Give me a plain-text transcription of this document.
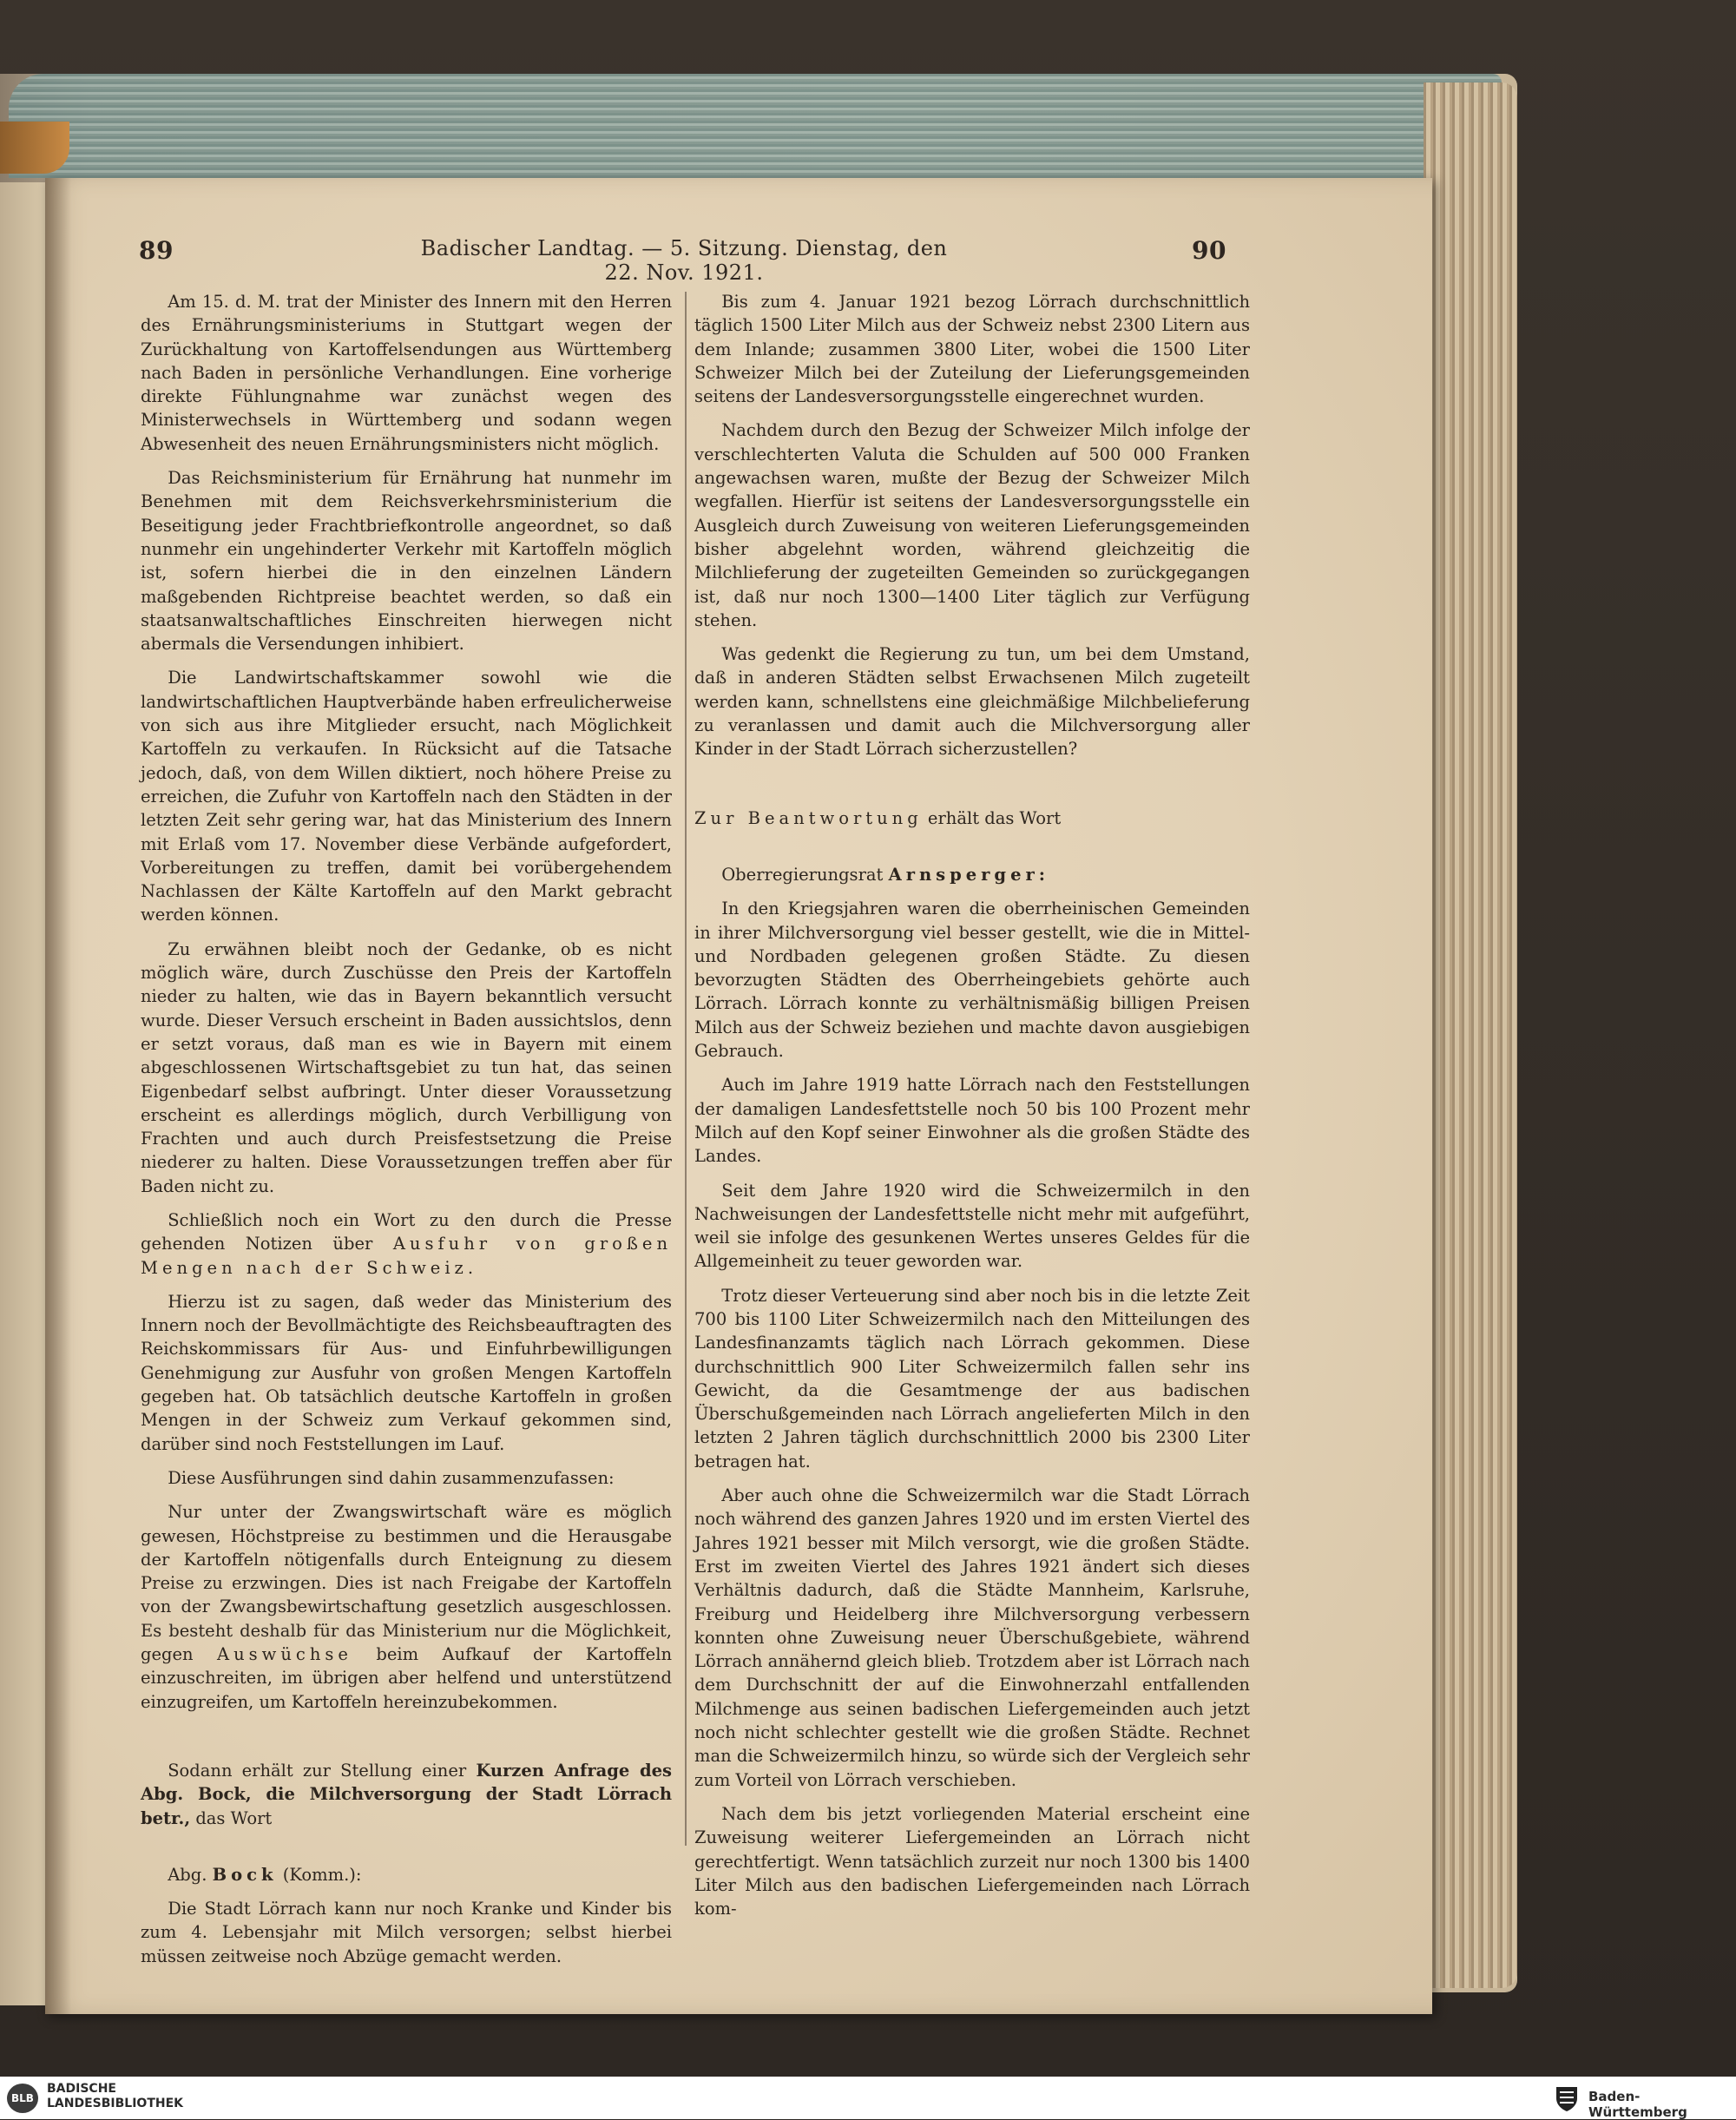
89	Badischer Landtag. — 5. Sitzung. Dienstag, den 22. Nov. 1921.
90

Am 15. d. M. trat der Minister des Innern mit den Herren des Ernährungsministeriums in Stuttgart wegen der Zurückhaltung von Kartoffelsendungen aus Württemberg nach Baden in persönliche Verhandlungen. Eine vorherige direkte Fühlungnahme war zunächst wegen des Ministerwechsels in Württemberg und sodann wegen Abwesenheit des neuen Ernährungsministers nicht möglich.

Das Reichsministerium für Ernährung hat nunmehr im Benehmen mit dem Reichsverkehrsministerium die Beseitigung jeder Frachtbriefkontrolle angeordnet, so daß nunmehr ein ungehinderter Verkehr mit Kartoffeln möglich ist, sofern hierbei die in den einzelnen Ländern maßgebenden Richtpreise beachtet werden, so daß ein staatsanwaltschaftliches Einschreiten hierwegen nicht abermals die Versendungen inhibiert.

Die Landwirtschaftskammer sowohl wie die landwirtschaftlichen Hauptverbände haben erfreulicherweise von sich aus ihre Mitglieder ersucht, nach Möglichkeit Kartoffeln zu verkaufen. In Rücksicht auf die Tatsache jedoch, daß, von dem Willen diktiert, noch höhere Preise zu erreichen, die Zufuhr von Kartoffeln nach den Städten in der letzten Zeit sehr gering war, hat das Ministerium des Innern mit Erlaß vom 17. November diese Verbände aufgefordert, Vorbereitungen zu treffen, damit bei vorübergehendem Nachlassen der Kälte Kartoffeln auf den Markt gebracht werden können.

Zu erwähnen bleibt noch der Gedanke, ob es nicht möglich wäre, durch Zuschüsse den Preis der Kartoffeln nieder zu halten, wie das in Bayern bekanntlich versucht wurde. Dieser Versuch erscheint in Baden aussichtslos, denn er setzt voraus, daß man es wie in Bayern mit einem abgeschlossenen Wirtschaftsgebiet zu tun hat, das seinen Eigenbedarf selbst aufbringt. Unter dieser Voraussetzung erscheint es allerdings möglich, durch Verbilligung von Frachten und auch durch Preisfestsetzung die Preise niederer zu halten. Diese Voraussetzungen treffen aber für Baden nicht zu.

Schließlich noch ein Wort zu den durch die Presse gehenden Notizen über Ausfuhr von großen Mengen nach der Schweiz.

Hierzu ist zu sagen, daß weder das Ministerium des Innern noch der Bevollmächtigte des Reichsbeauftragten des Reichskommissars für Aus- und Einfuhrbewilligungen Genehmigung zur Ausfuhr von großen Mengen Kartoffeln gegeben hat. Ob tatsächlich deutsche Kartoffeln in großen Mengen in der Schweiz zum Verkauf gekommen sind, darüber sind noch Feststellungen im Lauf.

Diese Ausführungen sind dahin zusammenzufassen:

Nur unter der Zwangswirtschaft wäre es möglich gewesen, Höchstpreise zu bestimmen und die Herausgabe der Kartoffeln nötigenfalls durch Enteignung zu diesem Preise zu erzwingen. Dies ist nach Freigabe der Kartoffeln von der Zwangsbewirtschaftung gesetzlich ausgeschlossen. Es besteht deshalb für das Ministerium nur die Möglichkeit, gegen Auswüchse beim Aufkauf der Kartoffeln einzuschreiten, im übrigen aber helfend und unterstützend einzugreifen, um Kartoffeln hereinzubekommen.

Sodann erhält zur Stellung einer Kurzen Anfrage des Abg. Bock, die Milchversorgung der Stadt Lörrach betr., das Wort

Abg. Bock (Komm.):

Die Stadt Lörrach kann nur noch Kranke und Kinder bis zum 4. Lebensjahr mit Milch versorgen; selbst hierbei müssen zeitweise noch Abzüge gemacht werden.

Bis zum 4. Januar 1921 bezog Lörrach durchschnittlich täglich 1500 Liter Milch aus der Schweiz nebst 2300 Litern aus dem Inlande; zusammen 3800 Liter, wobei die 1500 Liter Schweizer Milch bei der Zuteilung der Lieferungsgemeinden seitens der Landesversorgungsstelle eingerechnet wurden.

Nachdem durch den Bezug der Schweizer Milch infolge der verschlechterten Valuta die Schulden auf 500 000 Franken angewachsen waren, mußte der Bezug der Schweizer Milch wegfallen. Hierfür ist seitens der Landesversorgungsstelle ein Ausgleich durch Zuweisung von weiteren Lieferungsgemeinden bisher abgelehnt worden, während gleichzeitig die Milchlieferung der zugeteilten Gemeinden so zurückgegangen ist, daß nur noch 1300—1400 Liter täglich zur Verfügung stehen.

Was gedenkt die Regierung zu tun, um bei dem Umstand, daß in anderen Städten selbst Erwachsenen Milch zugeteilt werden kann, schnellstens eine gleichmäßige Milchbelieferung zu veranlassen und damit auch die Milchversorgung aller Kinder in der Stadt Lörrach sicherzustellen?

Zur Beantwortung erhält das Wort

Oberregierungsrat Arnsperger:

In den Kriegsjahren waren die oberrheinischen Gemeinden in ihrer Milchversorgung viel besser gestellt, wie die in Mittel- und Nordbaden gelegenen großen Städte. Zu diesen bevorzugten Städten des Oberrheingebiets gehörte auch Lörrach. Lörrach konnte zu verhältnismäßig billigen Preisen Milch aus der Schweiz beziehen und machte davon ausgiebigen Gebrauch.

Auch im Jahre 1919 hatte Lörrach nach den Feststellungen der damaligen Landesfettstelle noch 50 bis 100 Prozent mehr Milch auf den Kopf seiner Einwohner als die großen Städte des Landes.

Seit dem Jahre 1920 wird die Schweizermilch in den Nachweisungen der Landesfettstelle nicht mehr mit aufgeführt, weil sie infolge des gesunkenen Wertes unseres Geldes für die Allgemeinheit zu teuer geworden war.

Trotz dieser Verteuerung sind aber noch bis in die letzte Zeit 700 bis 1100 Liter Schweizermilch nach den Mitteilungen des Landesfinanzamts täglich nach Lörrach gekommen. Diese durchschnittlich 900 Liter Schweizermilch fallen sehr ins Gewicht, da die Gesamtmenge der aus badischen Überschußgemeinden nach Lörrach angelieferten Milch in den letzten 2 Jahren täglich durchschnittlich 2000 bis 2300 Liter betragen hat.

Aber auch ohne die Schweizermilch war die Stadt Lörrach noch während des ganzen Jahres 1920 und im ersten Viertel des Jahres 1921 besser mit Milch versorgt, wie die großen Städte. Erst im zweiten Viertel des Jahres 1921 ändert sich dieses Verhältnis dadurch, daß die Städte Mannheim, Karlsruhe, Freiburg und Heidelberg ihre Milchversorgung verbessern konnten ohne Zuweisung neuer Überschußgebiete, während Lörrach annähernd gleich blieb. Trotzdem aber ist Lörrach nach dem Durchschnitt der auf die Einwohnerzahl entfallenden Milchmenge aus seinen badischen Liefergemeinden auch jetzt noch nicht schlechter gestellt wie die großen Städte. Rechnet man die Schweizermilch hinzu, so würde sich der Vergleich sehr zum Vorteil von Lörrach verschieben.

Nach dem bis jetzt vorliegenden Material erscheint eine Zuweisung weiterer Liefergemeinden an Lörrach nicht gerechtfertigt. Wenn tatsächlich zurzeit nur noch 1300 bis 1400 Liter Milch aus den badischen Liefergemeinden nach Lörrach kom-

BLB
BADISCHE
LANDESBIBLIOTHEK	Baden-Württemberg
